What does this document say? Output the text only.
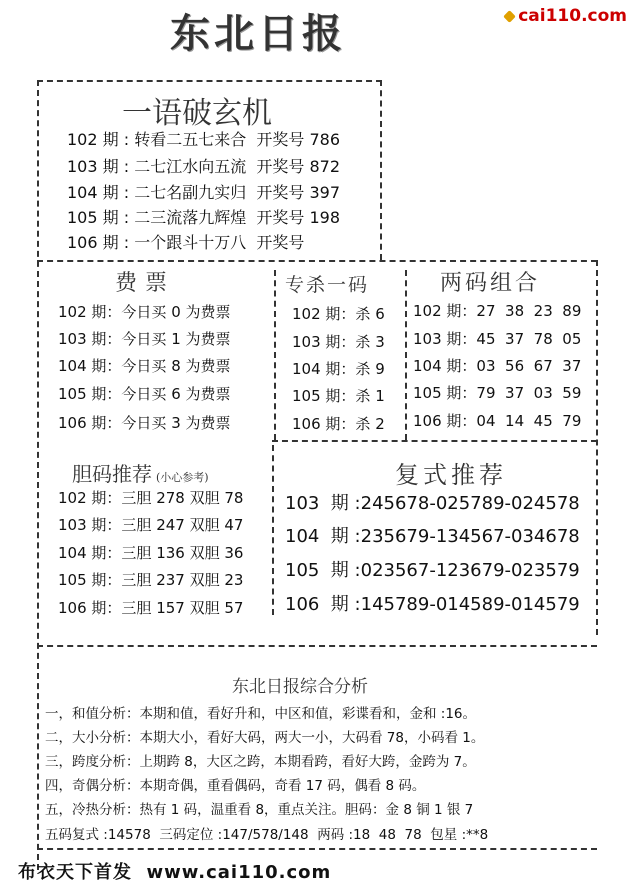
东北日报	cai110.com
一语破玄机
102 期 : 转看二五七来合 开奖号 786
103 期 : 二七江水向五流 开奖号 872
104 期 : 二七名副九实归 开奖号 397
105 期 : 二三流落九辉煌 开奖号 198
106 期 : 一个跟斗十万八 开奖号
费票
102 期：今日买 0 为费票
103 期：今日买 1 为费票
104 期：今日买 8 为费票
105 期：今日买 6 为费票
106 期：今日买 3 为费票
专杀一码
102 期：杀 6
103 期：杀 3
104 期：杀 9
105 期：杀 1
106 期：杀 2
两码组合
102 期：27  38  23  89
103 期：45  37  78  05
104 期：03  56  67  37
105 期：79  37  03  59
106 期：04  14  45  79
胆码推荐 (小心参考)
102 期：三胆 278 双胆 78
103 期：三胆 247 双胆 47
104 期：三胆 136 双胆 36
105 期：三胆 237 双胆 23
106 期：三胆 157 双胆 57
复式推荐
103  期 :245678-025789-024578
104  期 :235679-134567-034678
105  期 :023567-123679-023579
106  期 :145789-014589-014579
东北日报综合分析
一，和值分析：本期和值，看好升和，中区和值，彩谍看和，金和 :16。
二，大小分析：本期大小，看好大码，两大一小，大码看 78，小码看 1。
三，跨度分析：上期跨 8，大区之跨，本期看跨，看好大跨，金跨为 7。
四，奇偶分析：本期奇偶，重看偶码，奇看 17 码，偶看 8 码。
五，冷热分析：热有 1 码，温重看 8，重点关注。胆码：金 8 铜 1 银 7
五码复式 :14578  三码定位 :147/578/148  两码 :18  48  78  包星 :**8
布衣天下首发  www.cai110.com
